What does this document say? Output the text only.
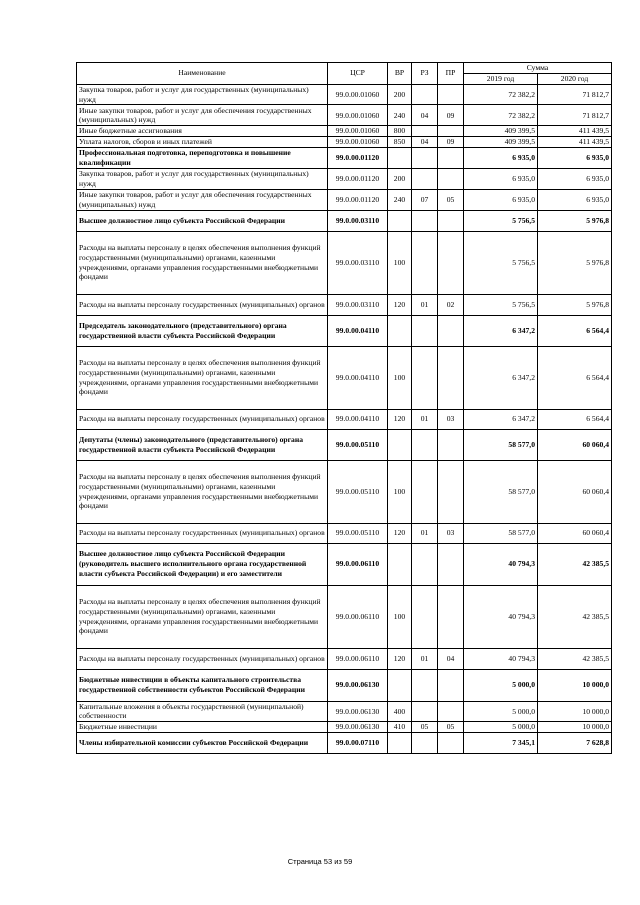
Наименование	ЦСР	ВР	РЗ	ПР	Сумма	
					2019 год	2020 год
Закупка товаров, работ и услуг для государственных (муниципальных) нужд	99.0.00.01060	200			72 382,2	71 812,7
Иные закупки товаров, работ и услуг для обеспечения государственных (муниципальных) нужд	99.0.00.01060	240	04	09	72 382,2	71 812,7
Иные бюджетные ассигнования	99.0.00.01060	800			409 399,5	411 439,5
Уплата налогов, сборов и иных платежей	99.0.00.01060	850	04	09	409 399,5	411 439,5
Профессиональная подготовка, переподготовка и повышение квалификации	99.0.00.01120				6 935,0	6 935,0
Закупка товаров, работ и услуг для государственных (муниципальных) нужд	99.0.00.01120	200			6 935,0	6 935,0
Иные закупки товаров, работ и услуг для обеспечения государственных (муниципальных) нужд	99.0.00.01120	240	07	05	6 935,0	6 935,0
Высшее должностное лицо субъекта Российской Федерации	99.0.00.03110				5 756,5	5 976,8
Расходы на выплаты персоналу в целях обеспечения выполнения функций государственными (муниципальными) органами, казенными учреждениями, органами управления государственными внебюджетными фондами	99.0.00.03110	100			5 756,5	5 976,8
Расходы на выплаты персоналу государственных (муниципальных) органов	99.0.00.03110	120	01	02	5 756,5	5 976,8
Председатель законодательного (представительного) органа государственной власти субъекта Российской Федерации	99.0.00.04110				6 347,2	6 564,4
Расходы на выплаты персоналу в целях обеспечения выполнения функций государственными (муниципальными) органами, казенными учреждениями, органами управления государственными внебюджетными фондами	99.0.00.04110	100			6 347,2	6 564,4
Расходы на выплаты персоналу государственных (муниципальных) органов	99.0.00.04110	120	01	03	6 347,2	6 564,4
Депутаты (члены) законодательного (представительного) органа государственной власти субъекта Российской Федерации	99.0.00.05110				58 577,0	60 060,4
Расходы на выплаты персоналу в целях обеспечения выполнения функций государственными (муниципальными) органами, казенными учреждениями, органами управления государственными внебюджетными фондами	99.0.00.05110	100			58 577,0	60 060,4
Расходы на выплаты персоналу государственных (муниципальных) органов	99.0.00.05110	120	01	03	58 577,0	60 060,4
Высшее должностное лицо субъекта Российской Федерации (руководитель высшего исполнительного органа государственной власти субъекта Российской Федерации) и его заместители	99.0.00.06110				40 794,3	42 385,5
Расходы на выплаты персоналу в целях обеспечения выполнения функций государственными (муниципальными) органами, казенными учреждениями, органами управления государственными внебюджетными фондами	99.0.00.06110	100			40 794,3	42 385,5
Расходы на выплаты персоналу государственных (муниципальных) органов	99.0.00.06110	120	01	04	40 794,3	42 385,5
Бюджетные инвестиции в объекты капитального строительства государственной собственности субъектов Российской Федерации	99.0.00.06130				5 000,0	10 000,0
Капитальные вложения в объекты государственной (муниципальной) собственности	99.0.00.06130	400			5 000,0	10 000,0
Бюджетные инвестиции	99.0.00.06130	410	05	05	5 000,0	10 000,0
Члены избирательной комиссии субъектов Российской Федерации	99.0.00.07110				7 345,1	7 628,8
Страница 53 из 59
